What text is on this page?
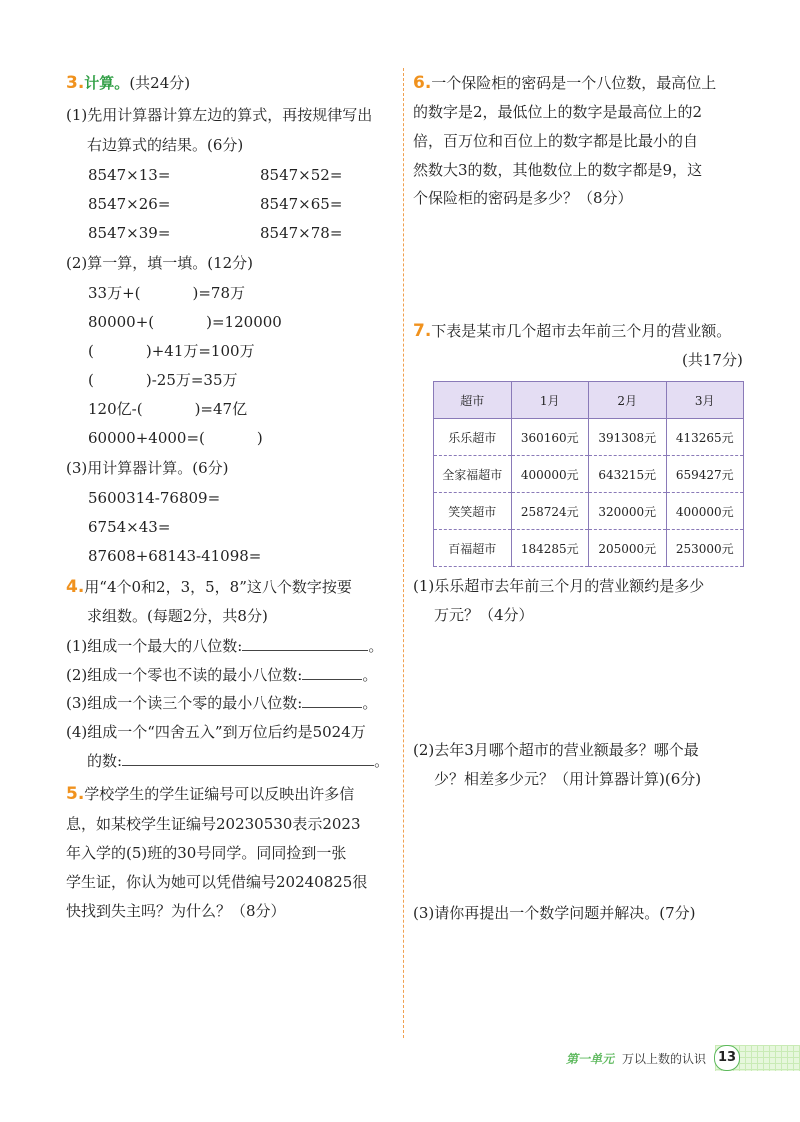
3.计算。(共24分)
(1)先用计算器计算左边的算式，再按规律写出
右边算式的结果。(6分)
8547×13=	8547×52=
8547×26=	8547×65=
8547×39=	8547×78=
(2)算一算，填一填。(12分)
33万+(	)=78万
80000+(	)=120000
(	)+41万=100万
(	)-25万=35万
120亿-(	)=47亿
60000+4000=(	)
(3)用计算器计算。(6分)
5600314-76809=
6754×43=
87608+68143-41098=
4.用“4个0和2，3，5，8”这八个数字按要
求组数。(每题2分，共8分)
(1)组成一个最大的八位数:	。
(2)组成一个零也不读的最小八位数:	。
(3)组成一个读三个零的最小八位数:	。
(4)组成一个“四舍五入”到万位后约是5024万
的数:	。
5.学校学生的学生证编号可以反映出许多信
息，如某校学生证编号20230530表示2023
年入学的(5)班的30号同学。同同捡到一张
学生证，你认为她可以凭借编号20240825很
快找到失主吗？为什么？（8分）
6.一个保险柜的密码是一个八位数，最高位上
的数字是2，最低位上的数字是最高位上的2
倍，百万位和百位上的数字都是比最小的自
然数大3的数，其他数位上的数字都是9，这
个保险柜的密码是多少？（8分）
7.下表是某市几个超市去年前三个月的营业额。
(共17分)
超市	1月	2月	3月
乐乐超市	360160元	391308元	413265元
全家福超市	400000元	643215元	659427元
笑笑超市	258724元	320000元	400000元
百福超市	184285元	205000元	253000元
(1)乐乐超市去年前三个月的营业额约是多少
万元？（4分）
(2)去年3月哪个超市的营业额最多？哪个最
少？相差多少元？（用计算器计算)(6分)
(3)请你再提出一个数学问题并解决。(7分)
第一单元 万以上数的认识 13
